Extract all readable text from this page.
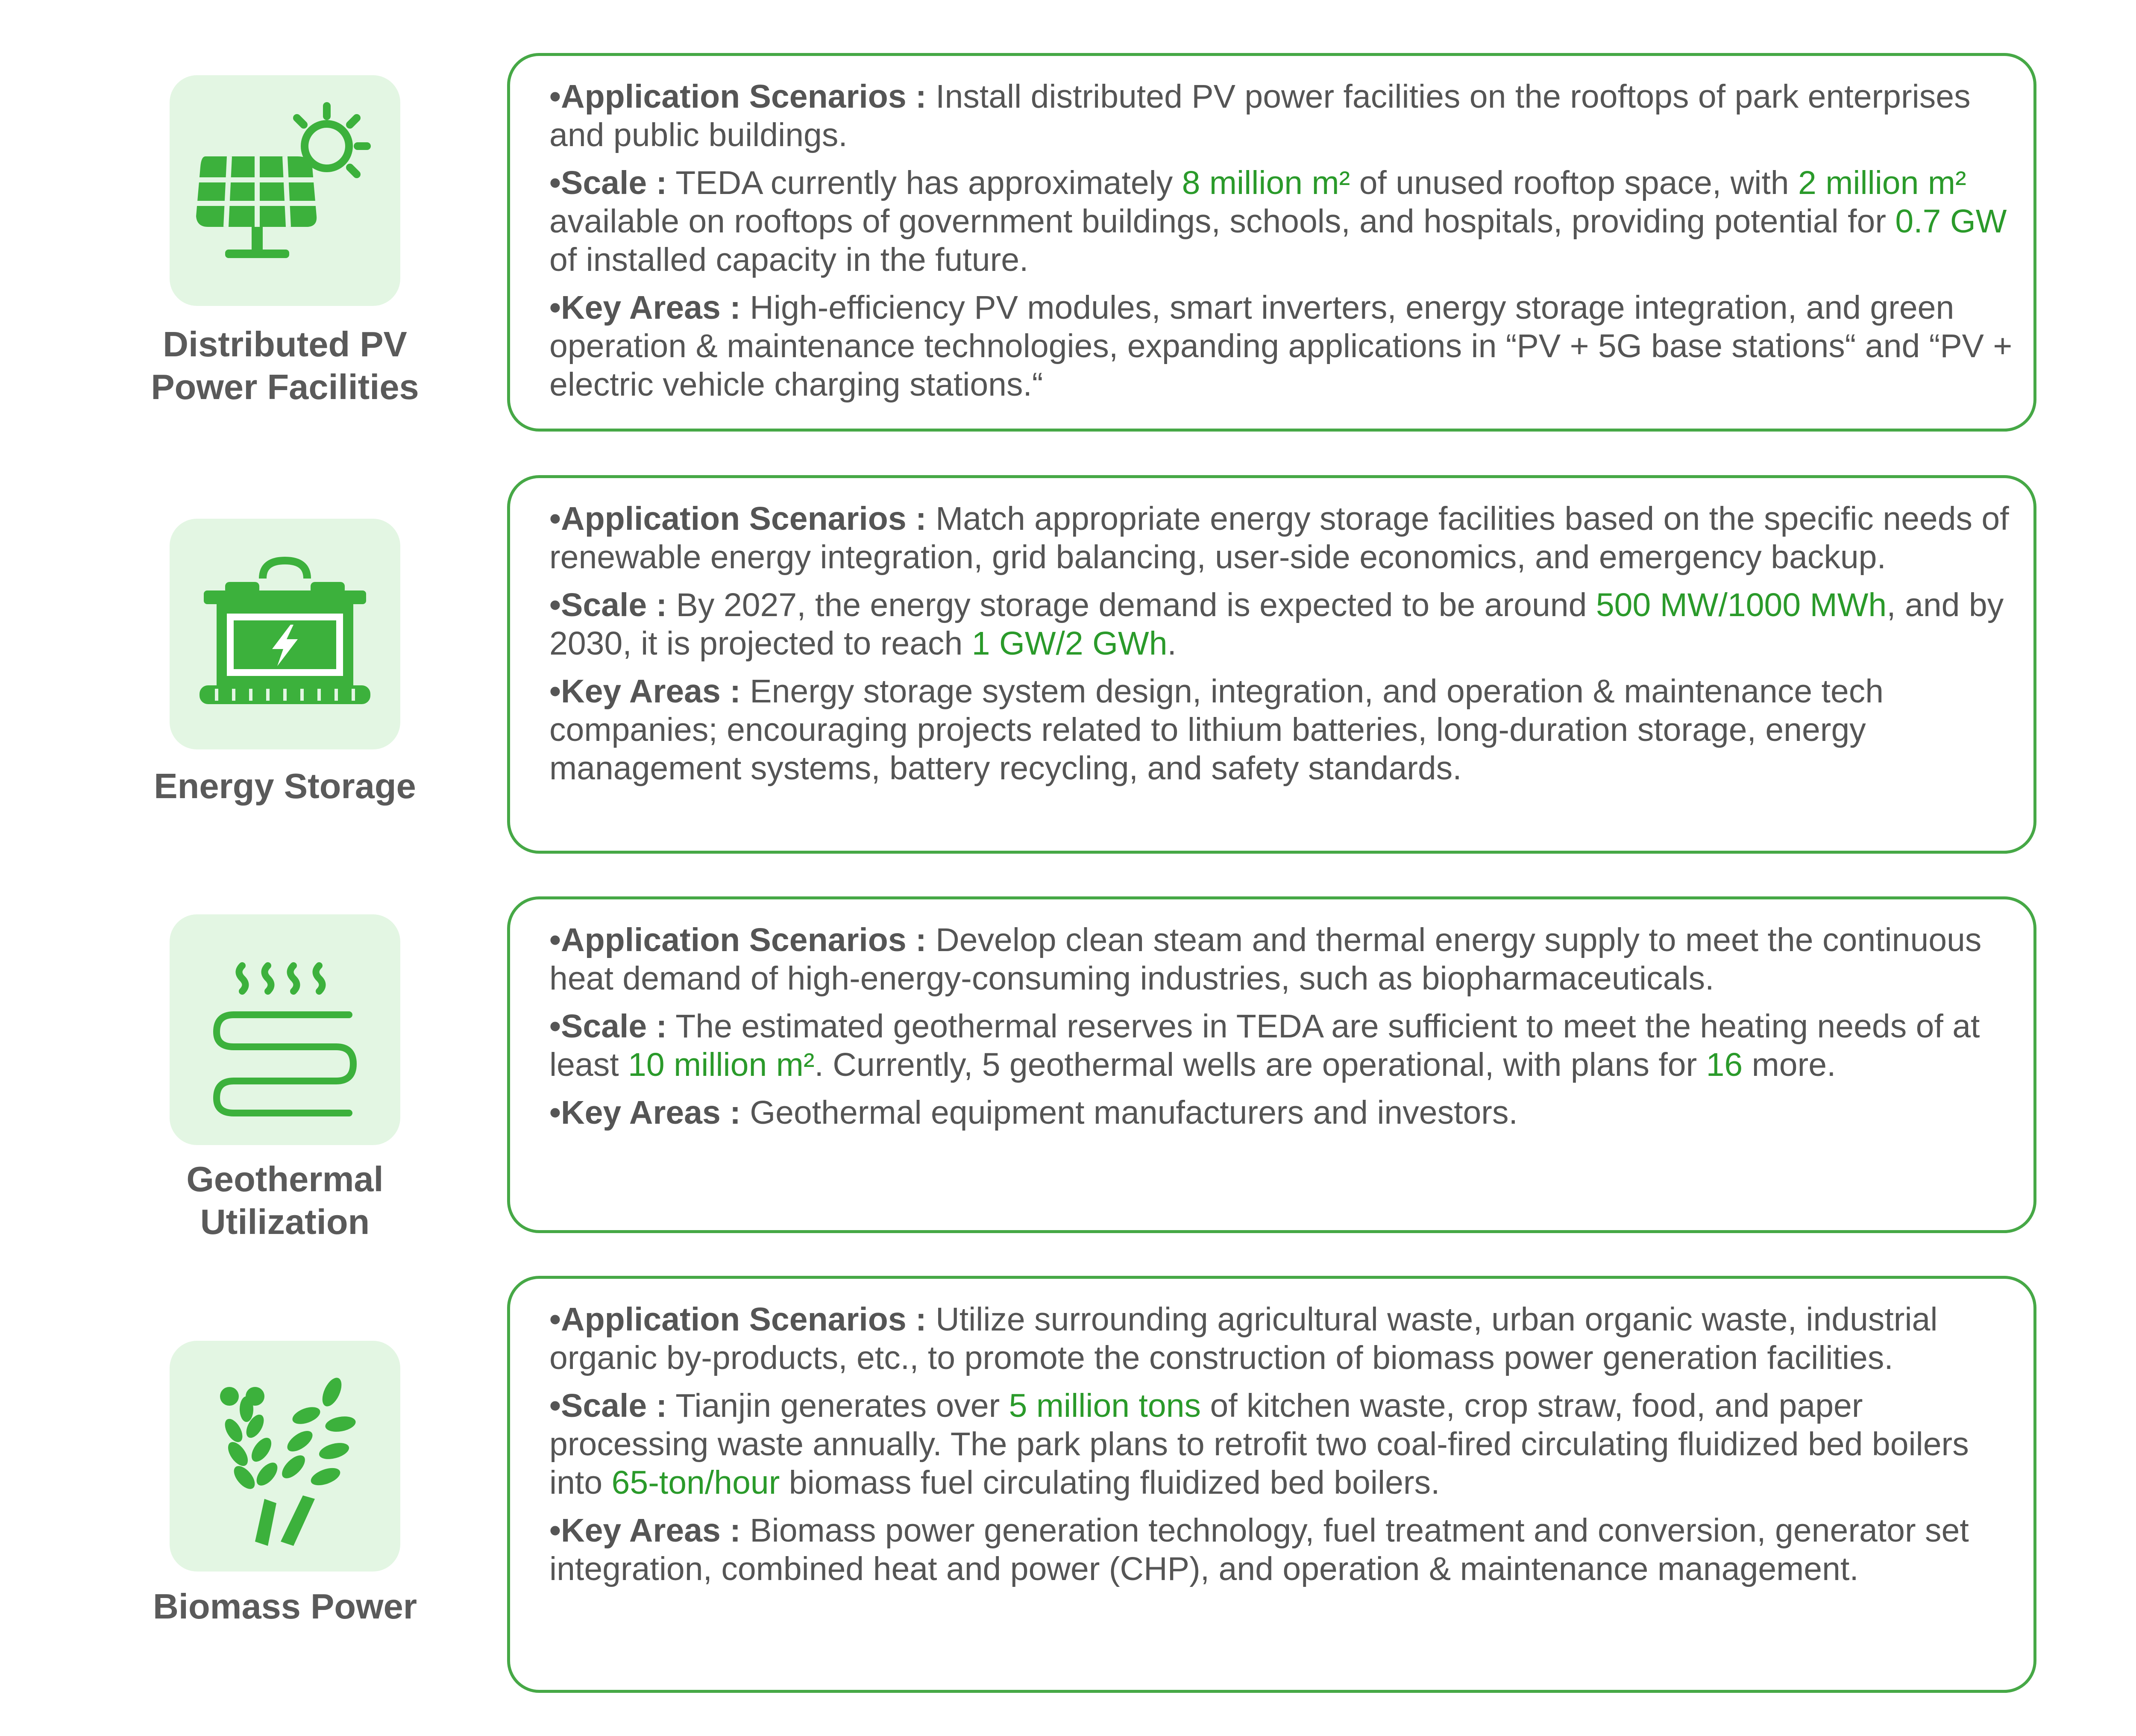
Distributed PV
Power Facilities

•Application Scenarios : Install distributed PV power facilities on the rooftops of park enterprises and public buildings.

•Scale : TEDA currently has approximately 8 million m² of unused rooftop space, with 2 million m² available on rooftops of government buildings, schools, and hospitals, providing potential for 0.7 GW of installed capacity in the future.

•Key Areas : High-efficiency PV modules, smart inverters, energy storage integration, and green operation & maintenance technologies, expanding applications in “PV + 5G base stations“ and “PV + electric vehicle charging stations.“

Energy Storage

•Application Scenarios : Match appropriate energy storage facilities based on the specific needs of renewable energy integration, grid balancing, user-side economics, and emergency backup.

•Scale : By 2027, the energy storage demand is expected to be around 500 MW/1000 MWh, and by 2030, it is projected to reach 1 GW/2 GWh.

•Key Areas : Energy storage system design, integration, and operation & maintenance tech companies; encouraging projects related to lithium batteries, long-duration storage, energy management systems, battery recycling, and safety standards.

Geothermal
Utilization

•Application Scenarios : Develop clean steam and thermal energy supply to meet the continuous heat demand of high-energy-consuming industries, such as biopharmaceuticals.

•Scale : The estimated geothermal reserves in TEDA are sufficient to meet the heating needs of at least 10 million m². Currently, 5 geothermal wells are operational, with plans for 16 more.

•Key Areas : Geothermal equipment manufacturers and investors.

Biomass Power

•Application Scenarios : Utilize surrounding agricultural waste, urban organic waste, industrial organic by-products, etc., to promote the construction of biomass power generation facilities.

•Scale : Tianjin generates over 5 million tons of kitchen waste, crop straw, food, and paper processing waste annually. The park plans to retrofit two coal-fired circulating fluidized bed boilers into 65-ton/hour biomass fuel circulating fluidized bed boilers.

•Key Areas : Biomass power generation technology, fuel treatment and conversion, generator set integration, combined heat and power (CHP), and operation & maintenance management.
